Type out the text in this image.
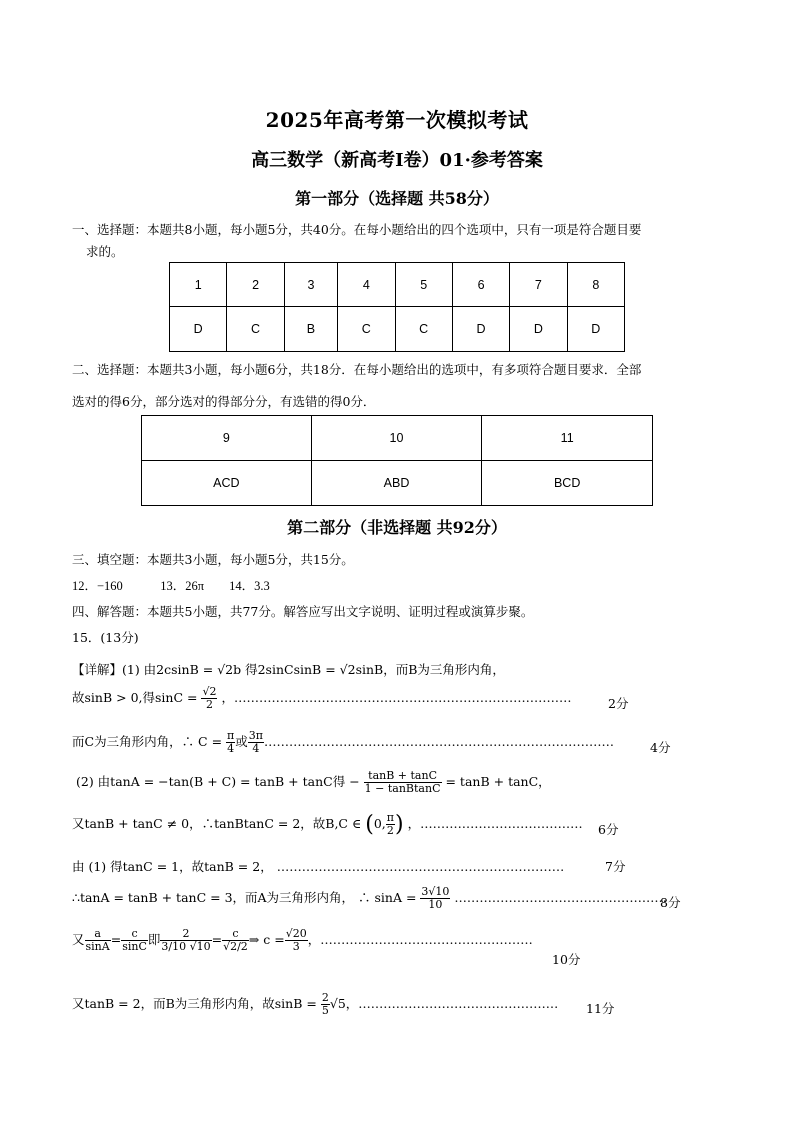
2025年高考第一次模拟考试
高三数学（新高考Ⅰ卷）01·参考答案
第一部分（选择题 共58分）
一、选择题：本题共8小题，每小题5分，共40分。在每小题给出的四个选项中，只有一项是符合题目要
求的。
1	2	3	4	5	6	7	8
D	C	B	C	C	D	D	D
二、选择题：本题共3小题，每小题6分，共18分．在每小题给出的选项中，有多项符合题目要求．全部
选对的得6分，部分选对的得部分分，有选错的得0分．
9	10	11
ACD	ABD	BCD
第二部分（非选择题 共92分）
三、填空题：本题共3小题，每小题5分，共15分。
12．−160　　　13．26π　　14．3.3
四、解答题：本题共5小题，共77分。解答应写出文字说明、证明过程或演算步聚。
15．(13分)
【详解】(1) 由2csinB = √2b 得2sinCsinB = √2sinB，而B为三角形内角，
故sinB > 0,得$\sin C = \frac{√2}{2}$ ，………………………………………………………………………	2分
而C为三角形内角，∴ $C = \frac{\pi}{4}$ 或 $\frac{3\pi}{4}$ …………………………………………………………………………	4分
(2) 由tanA = −tan(B + C) = tanB + tanC得 − $\frac{\tan B + \tan C}{\text{1 − tanBtanC}} = \tan B + \tan C$，
又tanB + tanC ≠ 0，∴tanBtanC = 2，故B,C ∈ (0, $\frac{\pi}{2}$ ) ，………………………………… 6分
由 (1) 得tanC = 1，故tanB = 2， ……………………………………………………………	7分
∴tanA = tanB + tanC = 3，而A为三角形内角， ∴ $\sin A = \frac{3√10}{10}$ ……………………………………………
8分
又 $\frac{a}{\sin A} = \frac{c}{\sin C}$ 即 $\frac{2}{3/10 √10} = \frac{c}{√2/2}$ ⇒ $c = \frac{√20}{3}$ ，……………………………………………
10分
又tanB = 2，而B为三角形内角，故$\sin B = \frac{2}{5} √5$，………………………………………… 11分
